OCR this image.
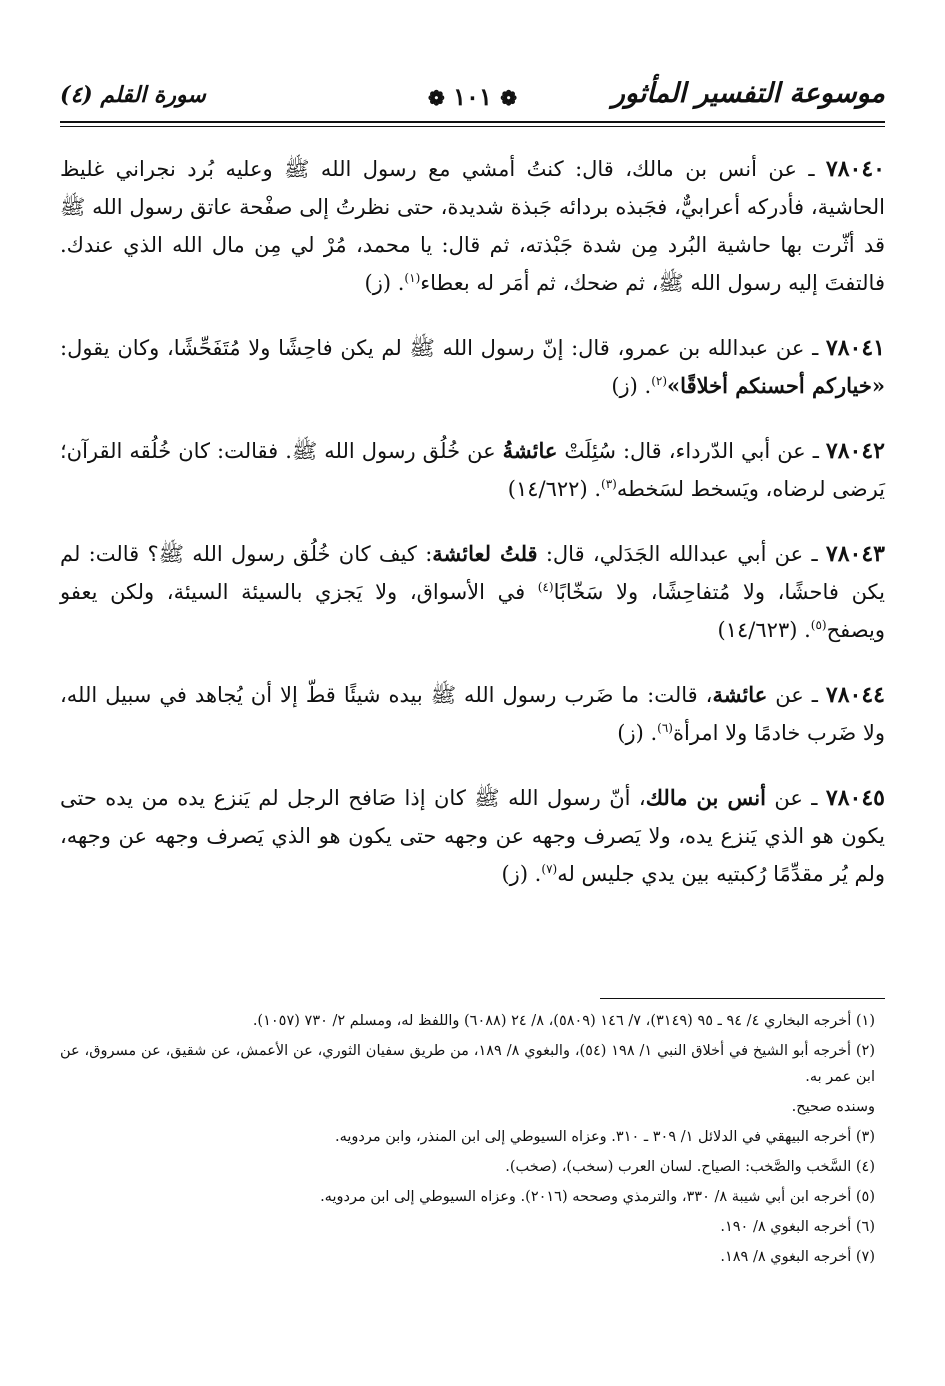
موسوعة التفسير المأثور
❁ ١٠١ ❁
سورة القلم (٤)

٧٨٠٤٠ ـ عن أنس بن مالك، قال: كنتُ أمشي مع رسول الله ﷺ وعليه بُرد نجراني غليظ الحاشية، فأدركه أعرابيٌّ، فجَبذه بردائه جَبذة شديدة، حتى نظرتُ إلى صفْحة عاتق رسول الله ﷺ قد أثّرت بها حاشية البُرد مِن شدة جَبْذته، ثم قال: يا محمد، مُرْ لي مِن مال الله الذي عندك. فالتفتَ إليه رسول الله ﷺ، ثم ضحك، ثم أمَر له بعطاء$^{(١)}$. (ز)

٧٨٠٤١ ـ عن عبدالله بن عمرو، قال: إنّ رسول الله ﷺ لم يكن فاحِشًا ولا مُتَفَحِّشًا، وكان يقول: «خياركم أحسنكم أخلاقًا»$^{(٢)}$. (ز)

٧٨٠٤٢ ـ عن أبي الدّرداء، قال: سُئِلَتْ عائشةُ عن خُلُق رسول الله ﷺ. فقالت: كان خُلُقه القرآن؛ يَرضى لرضاه، ويَسخط لسَخطه$^{(٣)}$. (١٤/٦٢٢)

٧٨٠٤٣ ـ عن أبي عبدالله الجَدَلي، قال: قلتُ لعائشة: كيف كان خُلُق رسول الله ﷺ؟ قالت: لم يكن فاحشًا، ولا مُتفاحِشًا، ولا سَخّابًا$^{(٤)}$ في الأسواق، ولا يَجزي بالسيئة السيئة، ولكن يعفو ويصفح$^{(٥)}$. (١٤/٦٢٣)

٧٨٠٤٤ ـ عن عائشة، قالت: ما ضَرب رسول الله ﷺ بيده شيئًا قطّ إلا أن يُجاهد في سبيل الله، ولا ضَرب خادمًا ولا امرأة$^{(٦)}$. (ز)

٧٨٠٤٥ ـ عن أنس بن مالك، أنّ رسول الله ﷺ كان إذا صَافح الرجل لم يَنزع يده من يده حتى يكون هو الذي يَنزع يده، ولا يَصرف وجهه عن وجهه حتى يكون هو الذي يَصرف وجهه عن وجهه، ولم يُر مقدِّمًا رُكبتيه بين يدي جليس له$^{(٧)}$. (ز)

(١) أخرجه البخاري ٤/ ٩٤ ـ ٩٥ (٣١٤٩)، ٧/ ١٤٦ (٥٨٠٩)، ٨/ ٢٤ (٦٠٨٨) واللفظ له، ومسلم ٢/ ٧٣٠ (١٠٥٧).
(٢) أخرجه أبو الشيخ في أخلاق النبي ١/ ١٩٨ (٥٤)، والبغوي ٨/ ١٨٩، من طريق سفيان الثوري، عن الأعمش، عن شقيق، عن مسروق، عن ابن عمر به.
وسنده صحيح.
(٣) أخرجه البيهقي في الدلائل ١/ ٣٠٩ ـ ٣١٠. وعزاه السيوطي إلى ابن المنذر، وابن مردويه.
(٤) السَّخب والصَّخب: الصياح. لسان العرب (سخب)، (صخب).
(٥) أخرجه ابن أبي شيبة ٨/ ٣٣٠، والترمذي وصححه (٢٠١٦). وعزاه السيوطي إلى ابن مردويه.
(٦) أخرجه البغوي ٨/ ١٩٠.
(٧) أخرجه البغوي ٨/ ١٨٩.
